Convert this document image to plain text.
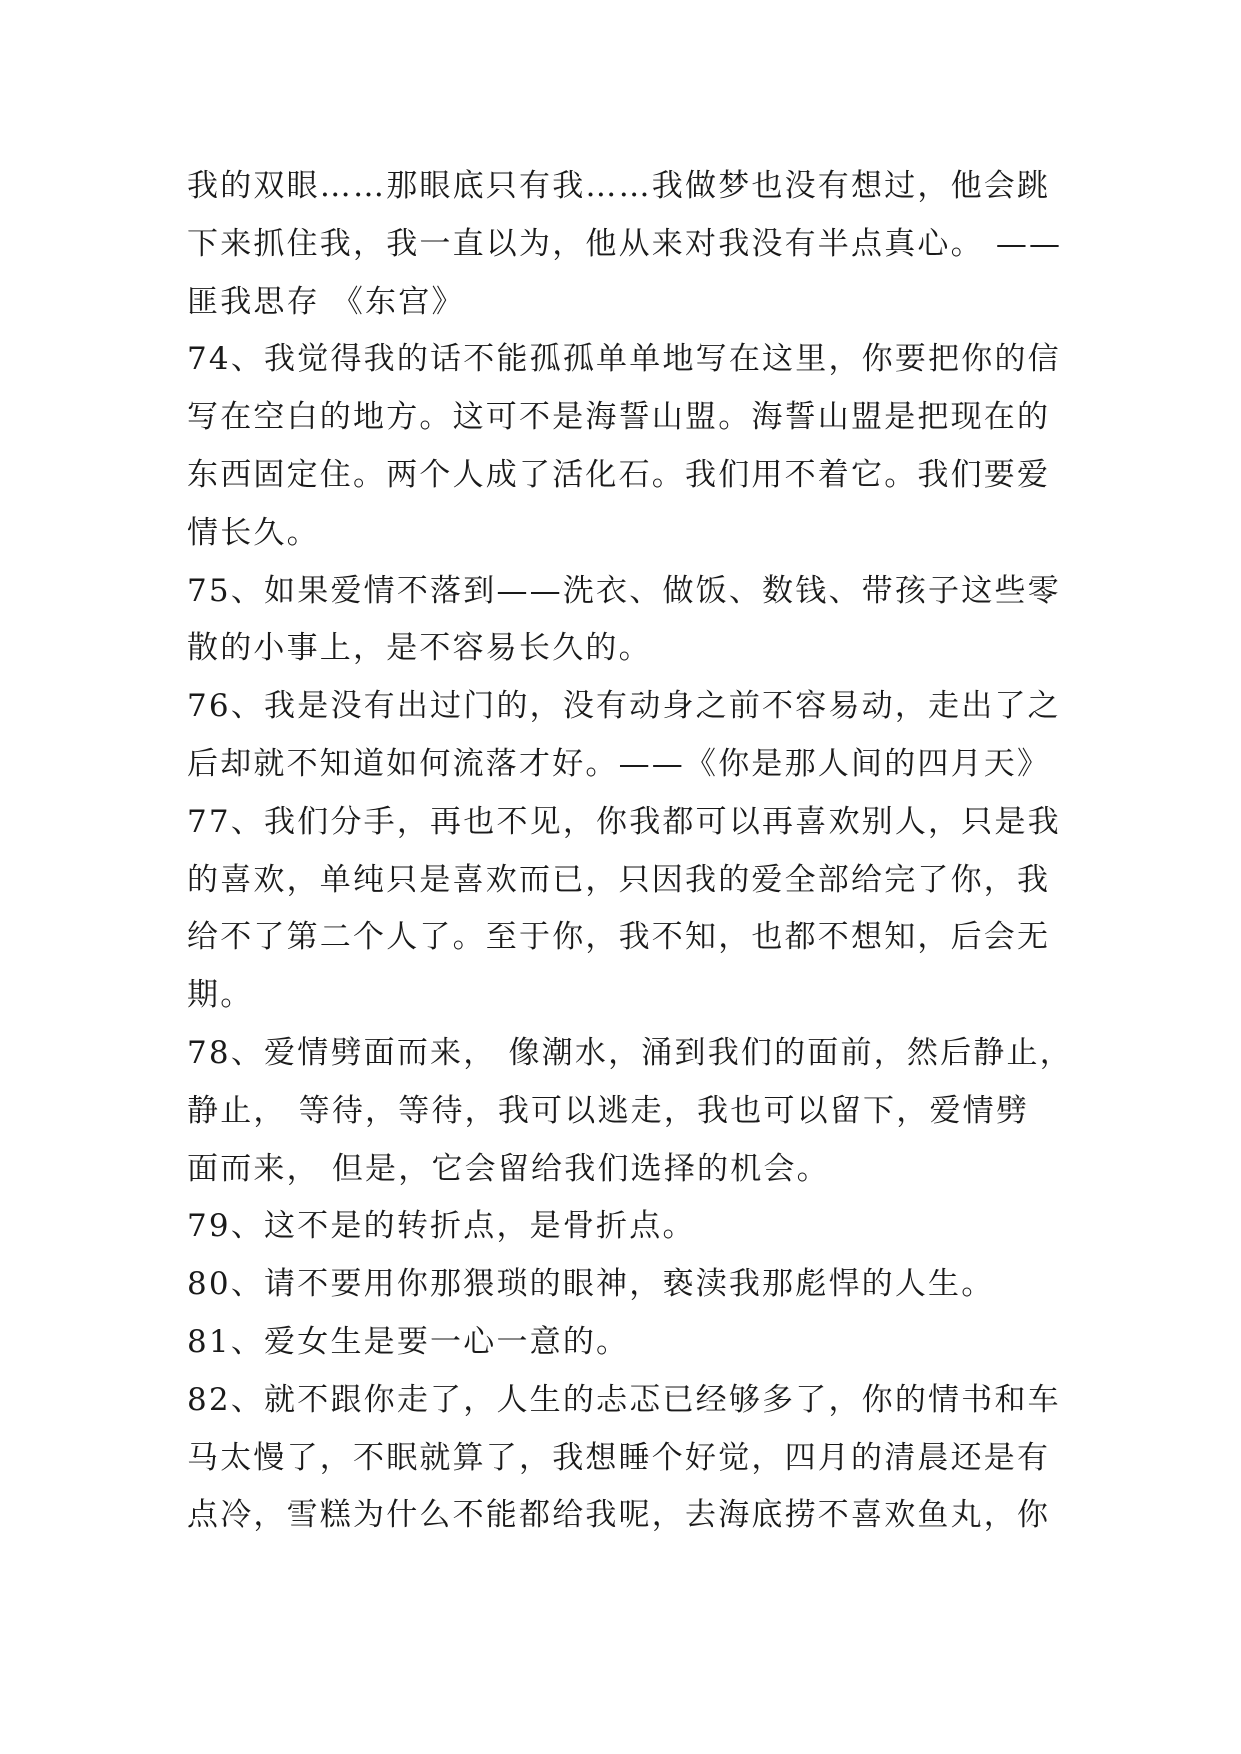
我的双眼……那眼底只有我……我做梦也没有想过，他会跳
下来抓住我，我一直以为，他从来对我没有半点真心。 ——
匪我思存 《东宫》
74、我觉得我的话不能孤孤单单地写在这里，你要把你的信
写在空白的地方。这可不是海誓山盟。海誓山盟是把现在的
东西固定住。两个人成了活化石。我们用不着它。我们要爱
情长久。
75、如果爱情不落到——洗衣、做饭、数钱、带孩子这些零
散的小事上，是不容易长久的。
76、我是没有出过门的，没有动身之前不容易动，走出了之
后却就不知道如何流落才好。——《你是那人间的四月天》
77、我们分手，再也不见，你我都可以再喜欢别人，只是我
的喜欢，单纯只是喜欢而已，只因我的爱全部给完了你，我
给不了第二个人了。至于你，我不知，也都不想知，后会无
期。
78、爱情劈面而来， 像潮水，涌到我们的面前，然后静止，
静止， 等待，等待，我可以逃走，我也可以留下，爱情劈
面而来， 但是，它会留给我们选择的机会。
79、这不是的转折点，是骨折点。
80、请不要用你那猥琐的眼神，亵渎我那彪悍的人生。
81、爱女生是要一心一意的。
82、就不跟你走了，人生的忐忑已经够多了，你的情书和车
马太慢了，不眠就算了，我想睡个好觉，四月的清晨还是有
点冷，雪糕为什么不能都给我呢，去海底捞不喜欢鱼丸，你
